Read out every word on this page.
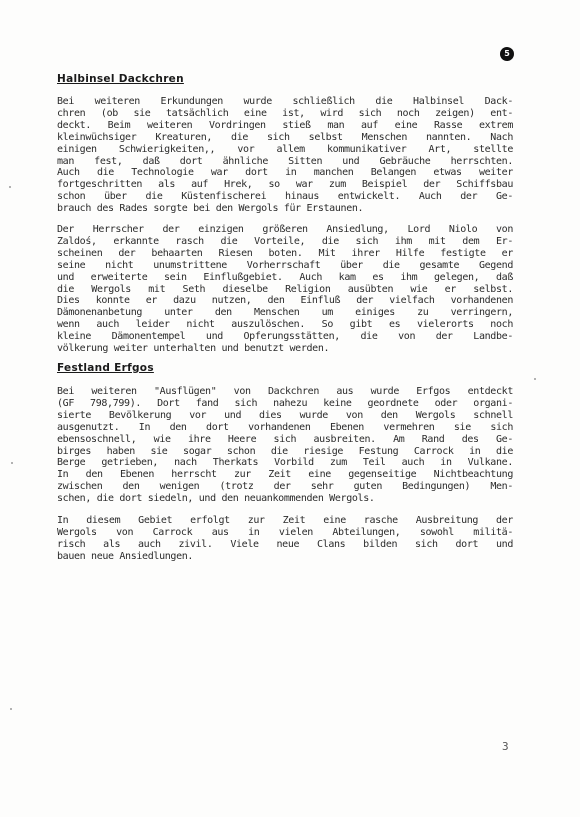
5
Halbinsel Dackchren
Bei weiteren Erkundungen wurde schließlich die Halbinsel Dack-
chren (ob sie tatsächlich eine ist, wird sich noch zeigen) ent-
deckt. Beim weiteren Vordringen stieß man auf eine Rasse extrem
kleinwüchsiger Kreaturen, die sich selbst Menschen nannten. Nach
einigen Schwierigkeiten,, vor allem kommunikativer Art, stellte
man fest, daß dort ähnliche Sitten und Gebräuche herrschten.
Auch die Technologie war dort in manchen Belangen etwas weiter
fortgeschritten als auf Hrek, so war zum Beispiel der Schiffsbau
schon über die Küstenfischerei hinaus entwickelt. Auch der Ge-
brauch des Rades sorgte bei den Wergols für Erstaunen.
Der Herrscher der einzigen größeren Ansiedlung, Lord Niolo von
Zaldoś, erkannte rasch die Vorteile, die sich ihm mit dem Er-
scheinen der behaarten Riesen boten. Mit ihrer Hilfe festigte er
seine nicht unumstrittene Vorherrschaft über die gesamte Gegend
und erweiterte sein Einflußgebiet. Auch kam es ihm gelegen, daß
die Wergols mit Seth dieselbe Religion ausübten wie er selbst.
Dies konnte er dazu nutzen, den Einfluß der vielfach vorhandenen
Dämonenanbetung unter den Menschen um einiges zu verringern,
wenn auch leider nicht auszulöschen. So gibt es vielerorts noch
kleine Dämonentempel und Opferungsstätten, die von der Landbe-
völkerung weiter unterhalten und benutzt werden.
Festland Erfgos
Bei weiteren "Ausflügen" von Dackchren aus wurde Erfgos entdeckt
(GF 798,799). Dort fand sich nahezu keine geordnete oder organi-
sierte Bevölkerung vor und dies wurde von den Wergols schnell
ausgenutzt. In den dort vorhandenen Ebenen vermehren sie sich
ebensoschnell, wie ihre Heere sich ausbreiten. Am Rand des Ge-
birges haben sie sogar schon die riesige Festung Carrock in die
Berge getrieben, nach Therkats Vorbild zum Teil auch in Vulkane.
In den Ebenen herrscht zur Zeit eine gegenseitige Nichtbeachtung
zwischen den wenigen (trotz der sehr guten Bedingungen) Men-
schen, die dort siedeln, und den neuankommenden Wergols.
In diesem Gebiet erfolgt zur Zeit eine rasche Ausbreitung der
Wergols von Carrock aus in vielen Abteilungen, sowohl militä-
risch als auch zivil. Viele neue Clans bilden sich dort und
bauen neue Ansiedlungen.
3
